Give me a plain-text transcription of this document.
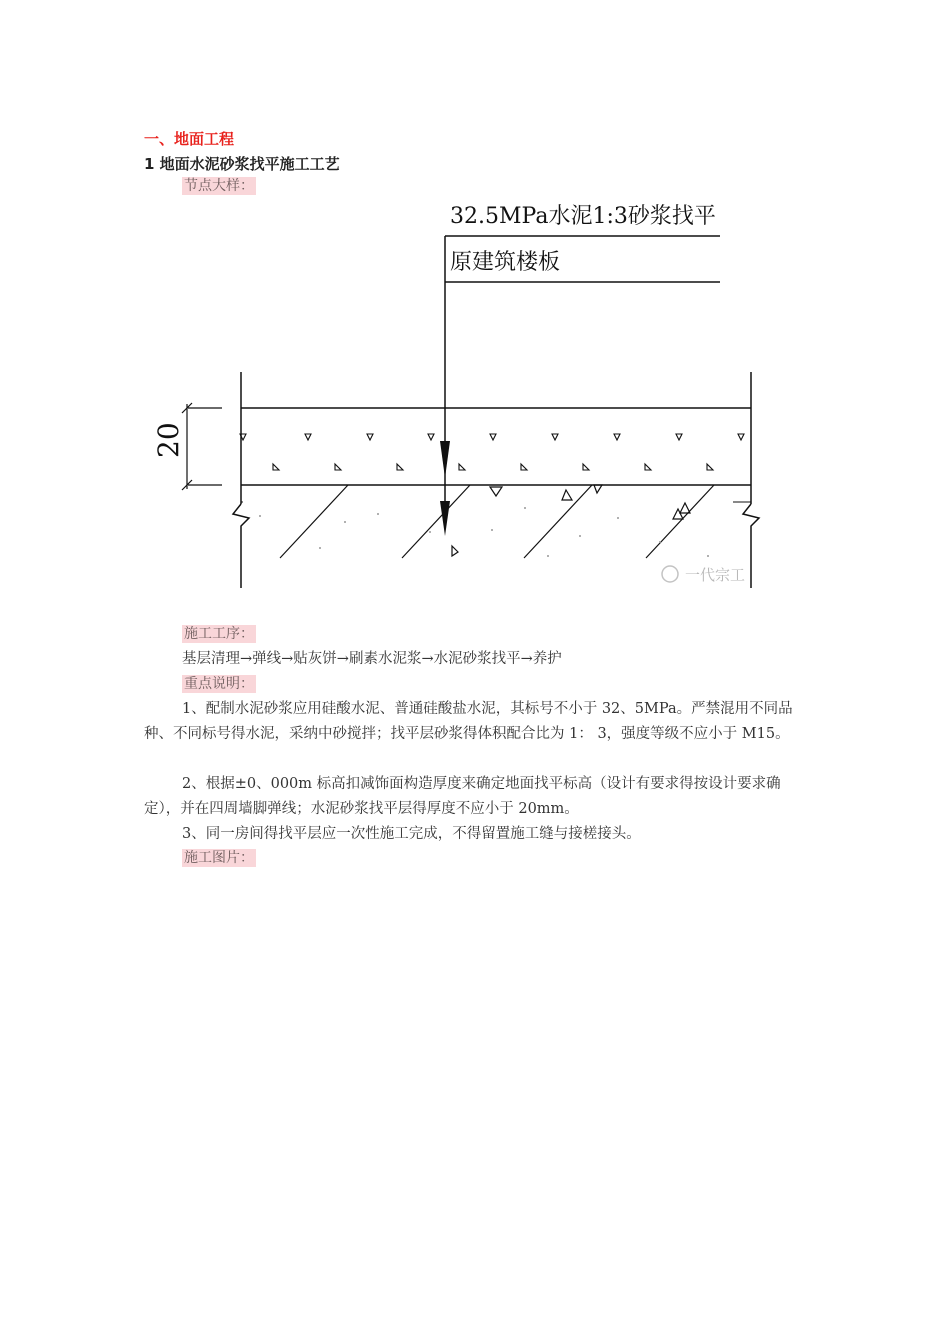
一、地面工程
1 地面水泥砂浆找平施工工艺
节点大样：
32.5MPa水泥1:3砂浆找平
原建筑楼板
20
一代宗工
施工工序：
基层清理→弹线→贴灰饼→刷素水泥浆→水泥砂浆找平→养护
重点说明：
1、配制水泥砂浆应用硅酸水泥、普通硅酸盐水泥，其标号不小于 32、5MPa。严禁混用不同品种、不同标号得水泥，采纳中砂搅拌；找平层砂浆得体积配合比为 1： 3，强度等级不应小于 M15。
2、根据±0、000m 标高扣减饰面构造厚度来确定地面找平标高（设计有要求得按设计要求确定），并在四周墙脚弹线；水泥砂浆找平层得厚度不应小于 20mm。
3、同一房间得找平层应一次性施工完成，不得留置施工缝与接槎接头。
施工图片：
